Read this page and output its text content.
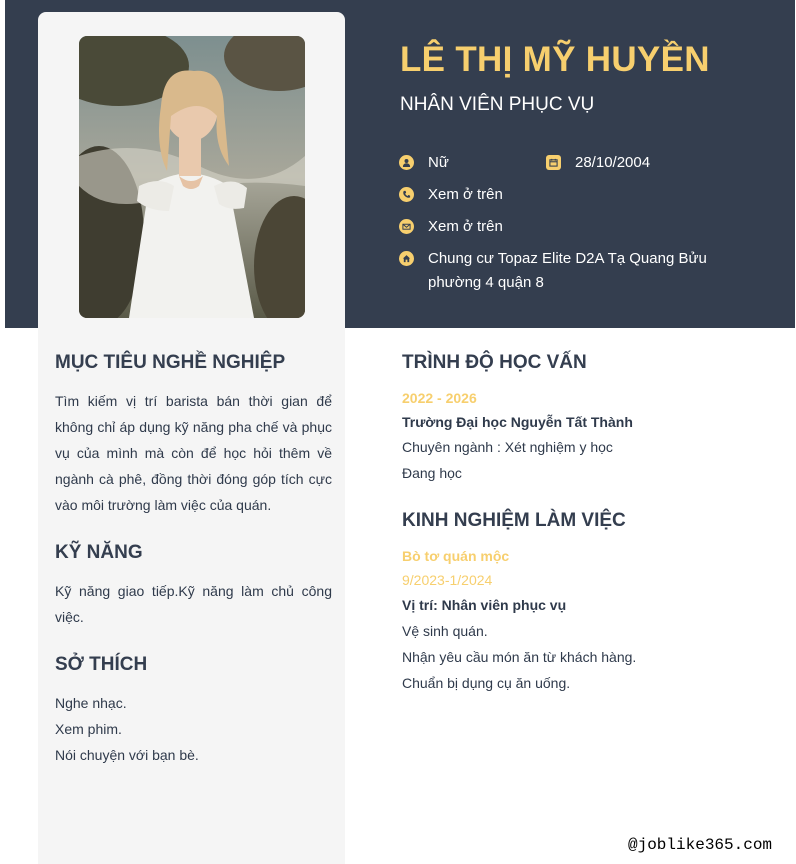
LÊ THỊ MỸ HUYỀN
NHÂN VIÊN PHỤC VỤ
Nữ	28/10/2004
Xem ở trên
Xem ở trên
Chung cư Topaz Elite D2A Tạ Quang Bửu phường 4 quận 8
MỤC TIÊU NGHỀ NGHIỆP

Tìm kiếm vị trí barista bán thời gian để không chỉ áp dụng kỹ năng pha chế và phục vụ của mình mà còn để học hỏi thêm về ngành cà phê, đồng thời đóng góp tích cực vào môi trường làm việc của quán.

KỸ NĂNG

Kỹ năng giao tiếp.Kỹ năng làm chủ công việc.

SỞ THÍCH
Nghe nhạc.
Xem phim.
Nói chuyện với bạn bè.
TRÌNH ĐỘ HỌC VẤN
2022 - 2026
Trường Đại học Nguyễn Tất Thành
Chuyên ngành : Xét nghiệm y học
Đang học
KINH NGHIỆM LÀM VIỆC
Bò tơ quán mộc
9/2023-1/2024
Vị trí: Nhân viên phục vụ
Vệ sinh quán.
Nhận yêu cầu món ăn từ khách hàng.
Chuẩn bị dụng cụ ăn uống.
@joblike365.com
